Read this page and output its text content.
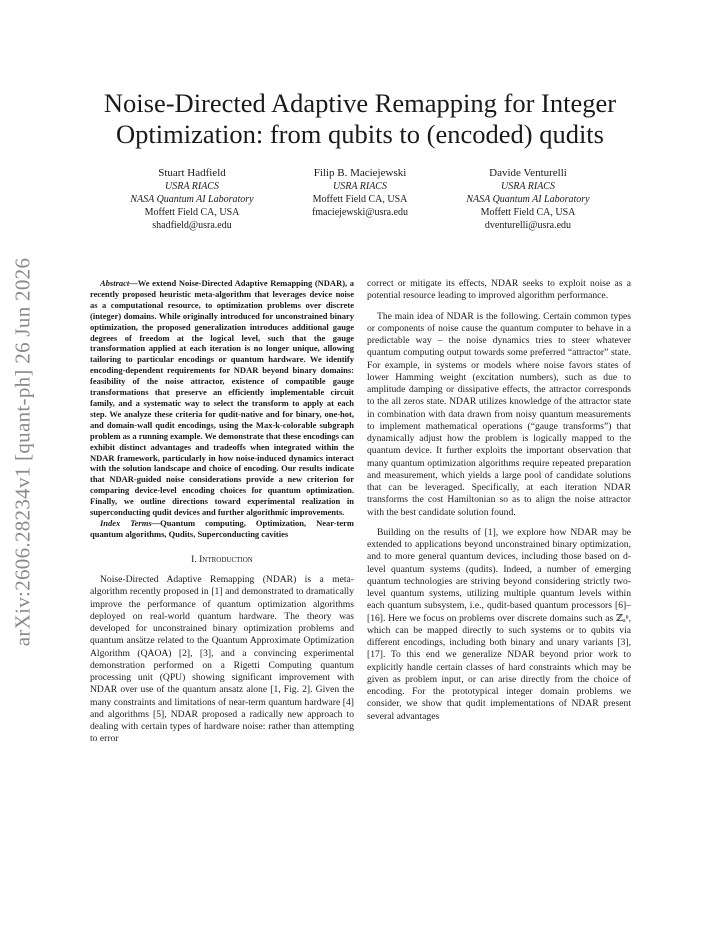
arXiv:2606.28234v1 [quant-ph] 26 Jun 2026
Noise-Directed Adaptive Remapping for Integer Optimization: from qubits to (encoded) qudits
Stuart Hadfield
USRA RIACS
NASA Quantum AI Laboratory
Moffett Field CA, USA
shadfield@usra.edu
Filip B. Maciejewski
USRA RIACS
Moffett Field CA, USA
fmaciejewski@usra.edu
Davide Venturelli
USRA RIACS
NASA Quantum AI Laboratory
Moffett Field CA, USA
dventurelli@usra.edu

Abstract—We extend Noise-Directed Adaptive Remapping (NDAR), a recently proposed heuristic meta-algorithm that leverages device noise as a computational resource, to optimization problems over discrete (integer) domains. While originally introduced for unconstrained binary optimization, the proposed generalization introduces additional gauge degrees of freedom at the logical level, such that the gauge transformation applied at each iteration is no longer unique, allowing tailoring to particular encodings or quantum hardware. We identify encoding-dependent requirements for NDAR beyond binary domains: feasibility of the noise attractor, existence of compatible gauge transformations that preserve an efficiently implementable circuit family, and a systematic way to select the transform to apply at each step. We analyze these criteria for qudit-native and for binary, one-hot, and domain-wall qudit encodings, using the Max-k-colorable subgraph problem as a running example. We demonstrate that these encodings can exhibit distinct advantages and tradeoffs when integrated within the NDAR framework, particularly in how noise-induced dynamics interact with the solution landscape and choice of encoding. Our results indicate that NDAR-guided noise considerations provide a new criterion for comparing device-level encoding choices for quantum optimization. Finally, we outline directions toward experimental realization in superconducting qudit devices and further algorithmic improvements.

Index Terms—Quantum computing, Optimization, Near-term quantum algorithms, Qudits, Superconducting cavities

I. Introduction

Noise-Directed Adaptive Remapping (NDAR) is a meta-algorithm recently proposed in [1] and demonstrated to dramatically improve the performance of quantum optimization algorithms deployed on real-world quantum hardware. The theory was developed for unconstrained binary optimization problems and quantum ansätze related to the Quantum Approximate Optimization Algorithm (QAOA) [2], [3], and a convincing experimental demonstration performed on a Rigetti Computing quantum processing unit (QPU) showing significant improvement with NDAR over use of the quantum ansatz alone [1, Fig. 2]. Given the many constraints and limitations of near-term quantum hardware [4] and algorithms [5], NDAR proposed a radically new approach to dealing with certain types of hardware noise: rather than attempting to error

correct or mitigate its effects, NDAR seeks to exploit noise as a potential resource leading to improved algorithm performance.

The main idea of NDAR is the following. Certain common types or components of noise cause the quantum computer to behave in a predictable way – the noise dynamics tries to steer whatever quantum computing output towards some preferred “attractor” state. For example, in systems or models where noise favors states of lower Hamming weight (excitation numbers), such as due to amplitude damping or dissipative effects, the attractor corresponds to the all zeros state. NDAR utilizes knowledge of the attractor state in combination with data drawn from noisy quantum measurements to implement mathematical operations (“gauge transforms”) that dynamically adjust how the problem is logically mapped to the quantum device. It further exploits the important observation that many quantum optimization algorithms require repeated preparation and measurement, which yields a large pool of candidate solutions that can be leveraged. Specifically, at each iteration NDAR transforms the cost Hamiltonian so as to align the noise attractor with the best candidate solution found.

Building on the results of [1], we explore how NDAR may be extended to applications beyond unconstrained binary optimization, and to more general quantum devices, including those based on d-level quantum systems (qudits). Indeed, a number of emerging quantum technologies are striving beyond considering strictly two-level quantum systems, utilizing multiple quantum levels within each quantum subsystem, i.e., qudit-based quantum processors [6]–[16]. Here we focus on problems over discrete domains such as ℤₐⁿ, which can be mapped directly to such systems or to qubits via different encodings, including both binary and unary variants [3], [17]. To this end we generalize NDAR beyond prior work to explicitly handle certain classes of hard constraints which may be given as problem input, or can arise directly from the choice of encoding. For the prototypical integer domain problems we consider, we show that qudit implementations of NDAR present several advantages
